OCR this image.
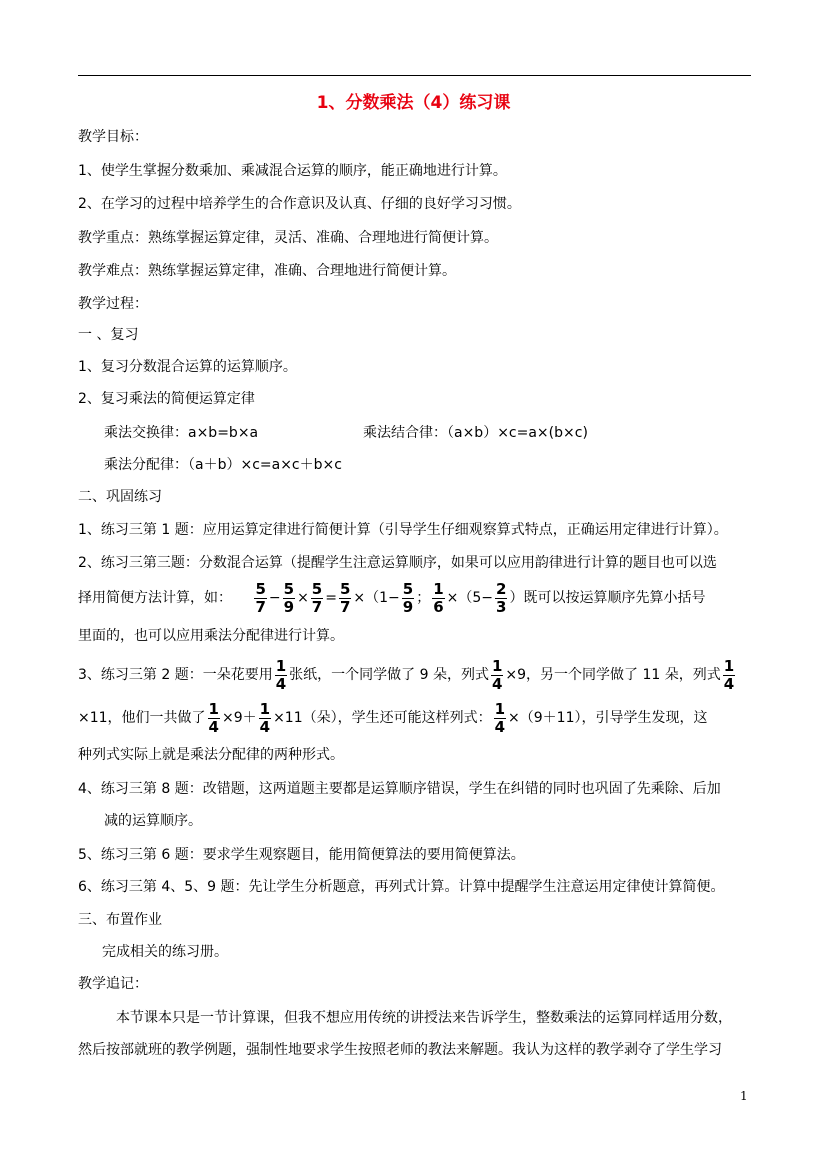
1、分数乘法（4）练习课
教学目标：
1、使学生掌握分数乘加、乘减混合运算的顺序，能正确地进行计算。
2、在学习的过程中培养学生的合作意识及认真、仔细的良好学习习惯。
教学重点：熟练掌握运算定律，灵活、准确、合理地进行简便计算。
教学难点：熟练掌握运算定律，准确、合理地进行简便计算。
教学过程：
一 、复习
1、复习分数混合运算的运算顺序。
2、复习乘法的简便运算定律
乘法交换律：a×b=b×a	乘法结合律：（a×b）×c=a×(b×c)
乘法分配律：（a＋b）×c=a×c＋b×c
二、巩固练习
1、练习三第 1 题：应用运算定律进行简便计算（引导学生仔细观察算式特点，正确运用定律进行计算）。
2、练习三第三题：分数混合运算（提醒学生注意运算顺序，如果可以应用韵律进行计算的题目也可以选
择用简便方法计算，如： $\frac{5}{7} - \frac{5}{9} \times \frac{5}{7} = \frac{5}{7} \times(1- \frac{5}{9}$ ； $\frac{1}{6} \times(5- \frac{2}{3}$ ）既可以按运算顺序先算小括号
里面的，也可以应用乘法分配律进行计算。
3、练习三第 2 题：一朵花要用 $\frac{1}{4}$ 张纸，一个同学做了 9 朵，列式 $\frac{1}{4} \times 9$，另一个同学做了 11 朵，列式 $\frac{1}{4}$
×11，他们一共做了 $\frac{1}{4} \times 9+ \frac{1}{4} \times 11$（朵），学生还可能这样列式： $\frac{1}{4} \times(9+11)$，引导学生发现，这
种列式实际上就是乘法分配律的两种形式。
4、练习三第 8 题：改错题，这两道题主要都是运算顺序错误，学生在纠错的同时也巩固了先乘除、后加
减的运算顺序。
5、练习三第 6 题：要求学生观察题目，能用简便算法的要用简便算法。
6、练习三第 4、5、9 题：先让学生分析题意，再列式计算。计算中提醒学生注意运用定律使计算简便。
三、布置作业
完成相关的练习册。
教学追记：
本节课本只是一节计算课，但我不想应用传统的讲授法来告诉学生，整数乘法的运算同样适用分数，
然后按部就班的教学例题，强制性地要求学生按照老师的教法来解题。我认为这样的教学剥夺了学生学习
1
